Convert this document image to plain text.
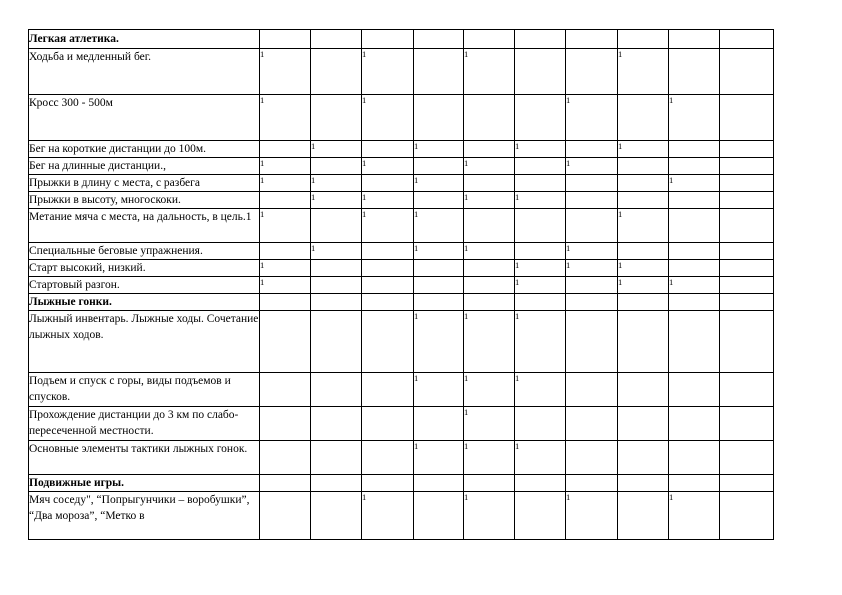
Легкая атлетика.										
Ходьба и медленный бег.	1		1		1			1		
Кросс 300 - 500м	1		1				1		1	
Бег на короткие дистанции до 100м.		1		1		1		1		
Бег на длинные дистанции.,	1		1		1		1			
Прыжки в длину с места, с разбега	1	1		1					1	
Прыжки в высоту, многоскоки.		1	1		1	1				
Метание мяча с места, на дальность, в цель.1	1		1	1				1		
Специальные беговые упражнения.		1		1	1		1			
Старт высокий, низкий.	1					1	1	1		
Стартовый разгон.	1					1		1	1	
Лыжные гонки.										
Лыжный инвентарь. Лыжные ходы. Сочетание лыжных ходов.				1	1	1				
Подъем и спуск с горы, виды подъемов и спусков.				1	1	1				
Прохождение дистанции до 3 км по слабо-пересеченной местности.					1					
Основные элементы тактики лыжных гонок.				1	1	1				
Подвижные игры.										
Мяч соседу", “Попрыгунчики – воробушки”, “Два мороза”, “Метко в			1		1		1		1	
